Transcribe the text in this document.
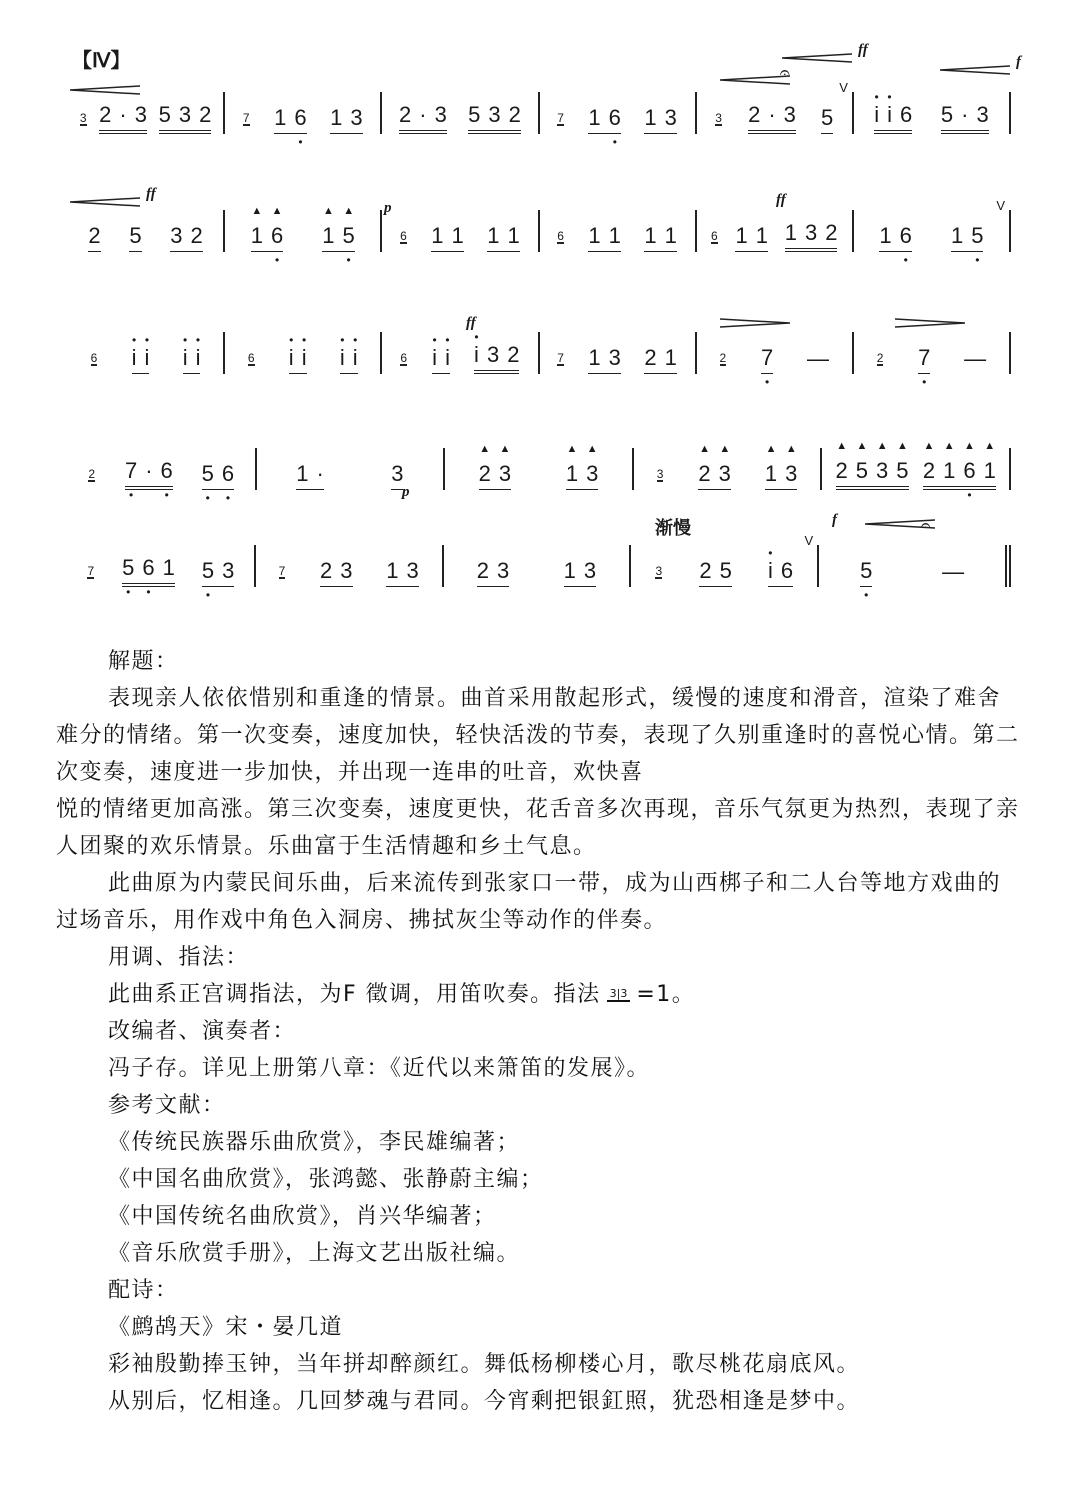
【Ⅳ】
3 2 · 3 5 3 2	7 1 6 • 1 3 2 · 3 5 3 2	7 1 6 • 1 3	3 2 · 3 5
𝄐
V
• i • i 6 5 · 3
2 5 3 2 ▲ 1 ▲ 6 • ▲ 1 ▲ 5 •	6 1 1 1 1	6 1 1 1 1	6 1 1 1 3 2 1 6 • 1 5 •
V
6 • i • i • i • i	6 • i • i • i • i	6 • i • i • i 3 2	7 1 3 2 1	2 7 • —	2 7 • —
2 7 • · 6 • 5 • 6 •	1 ·	3	▲ 2 ▲ 3 ▲ 1 ▲ 3	3 ▲ 2 ▲ 3 ▲ 1 ▲ 3 ▲ 2 ▲ 5 ▲ 3 ▲ 5 ▲ 2 ▲ 1 ▲ 6 • ▲ 1
7 5 • 6 • 1 5 • 3	7 2 3 1 3	2 3 1 3	3 2 5 • i 6
V
5 •	—
𝄐
渐慢

解题：

表现亲人依依惜别和重逢的情景。曲首采用散起形式，缓慢的速度和滑音，渲染了难舍难分的情绪。第一次变奏，速度加快，轻快活泼的节奏，表现了久别重逢时的喜悦心情。第二次变奏，速度进一步加快，并出现一连串的吐音，欢快喜

悦的情绪更加高涨。第三次变奏，速度更快，花舌音多次再现，音乐气氛更为热烈，表现了亲人团聚的欢乐情景。乐曲富于生活情趣和乡土气息。

此曲原为内蒙民间乐曲，后来流传到张家口一带，成为山西梆子和二人台等地方戏曲的过场音乐，用作戏中角色入洞房、拂拭灰尘等动作的伴奏。

用调、指法：

此曲系正宫调指法，为F 徵调，用笛吹奏。指法 3|3 =1。

改编者、演奏者：

冯子存。详见上册第八章：《近代以来箫笛的发展》。

参考文献：

《传统民族器乐曲欣赏》，李民雄编著；

《中国名曲欣赏》，张鸿懿、张静蔚主编；

《中国传统名曲欣赏》，肖兴华编著；

《音乐欣赏手册》，上海文艺出版社编。

配诗：

《鹧鸪天》宋・晏几道

彩袖殷勤捧玉钟，当年拼却醉颜红。舞低杨柳楼心月，歌尽桃花扇底风。

从别后，忆相逢。几回梦魂与君同。今宵剩把银釭照，犹恐相逢是梦中。

ff
f
ff
p	ff
ff
p
f
